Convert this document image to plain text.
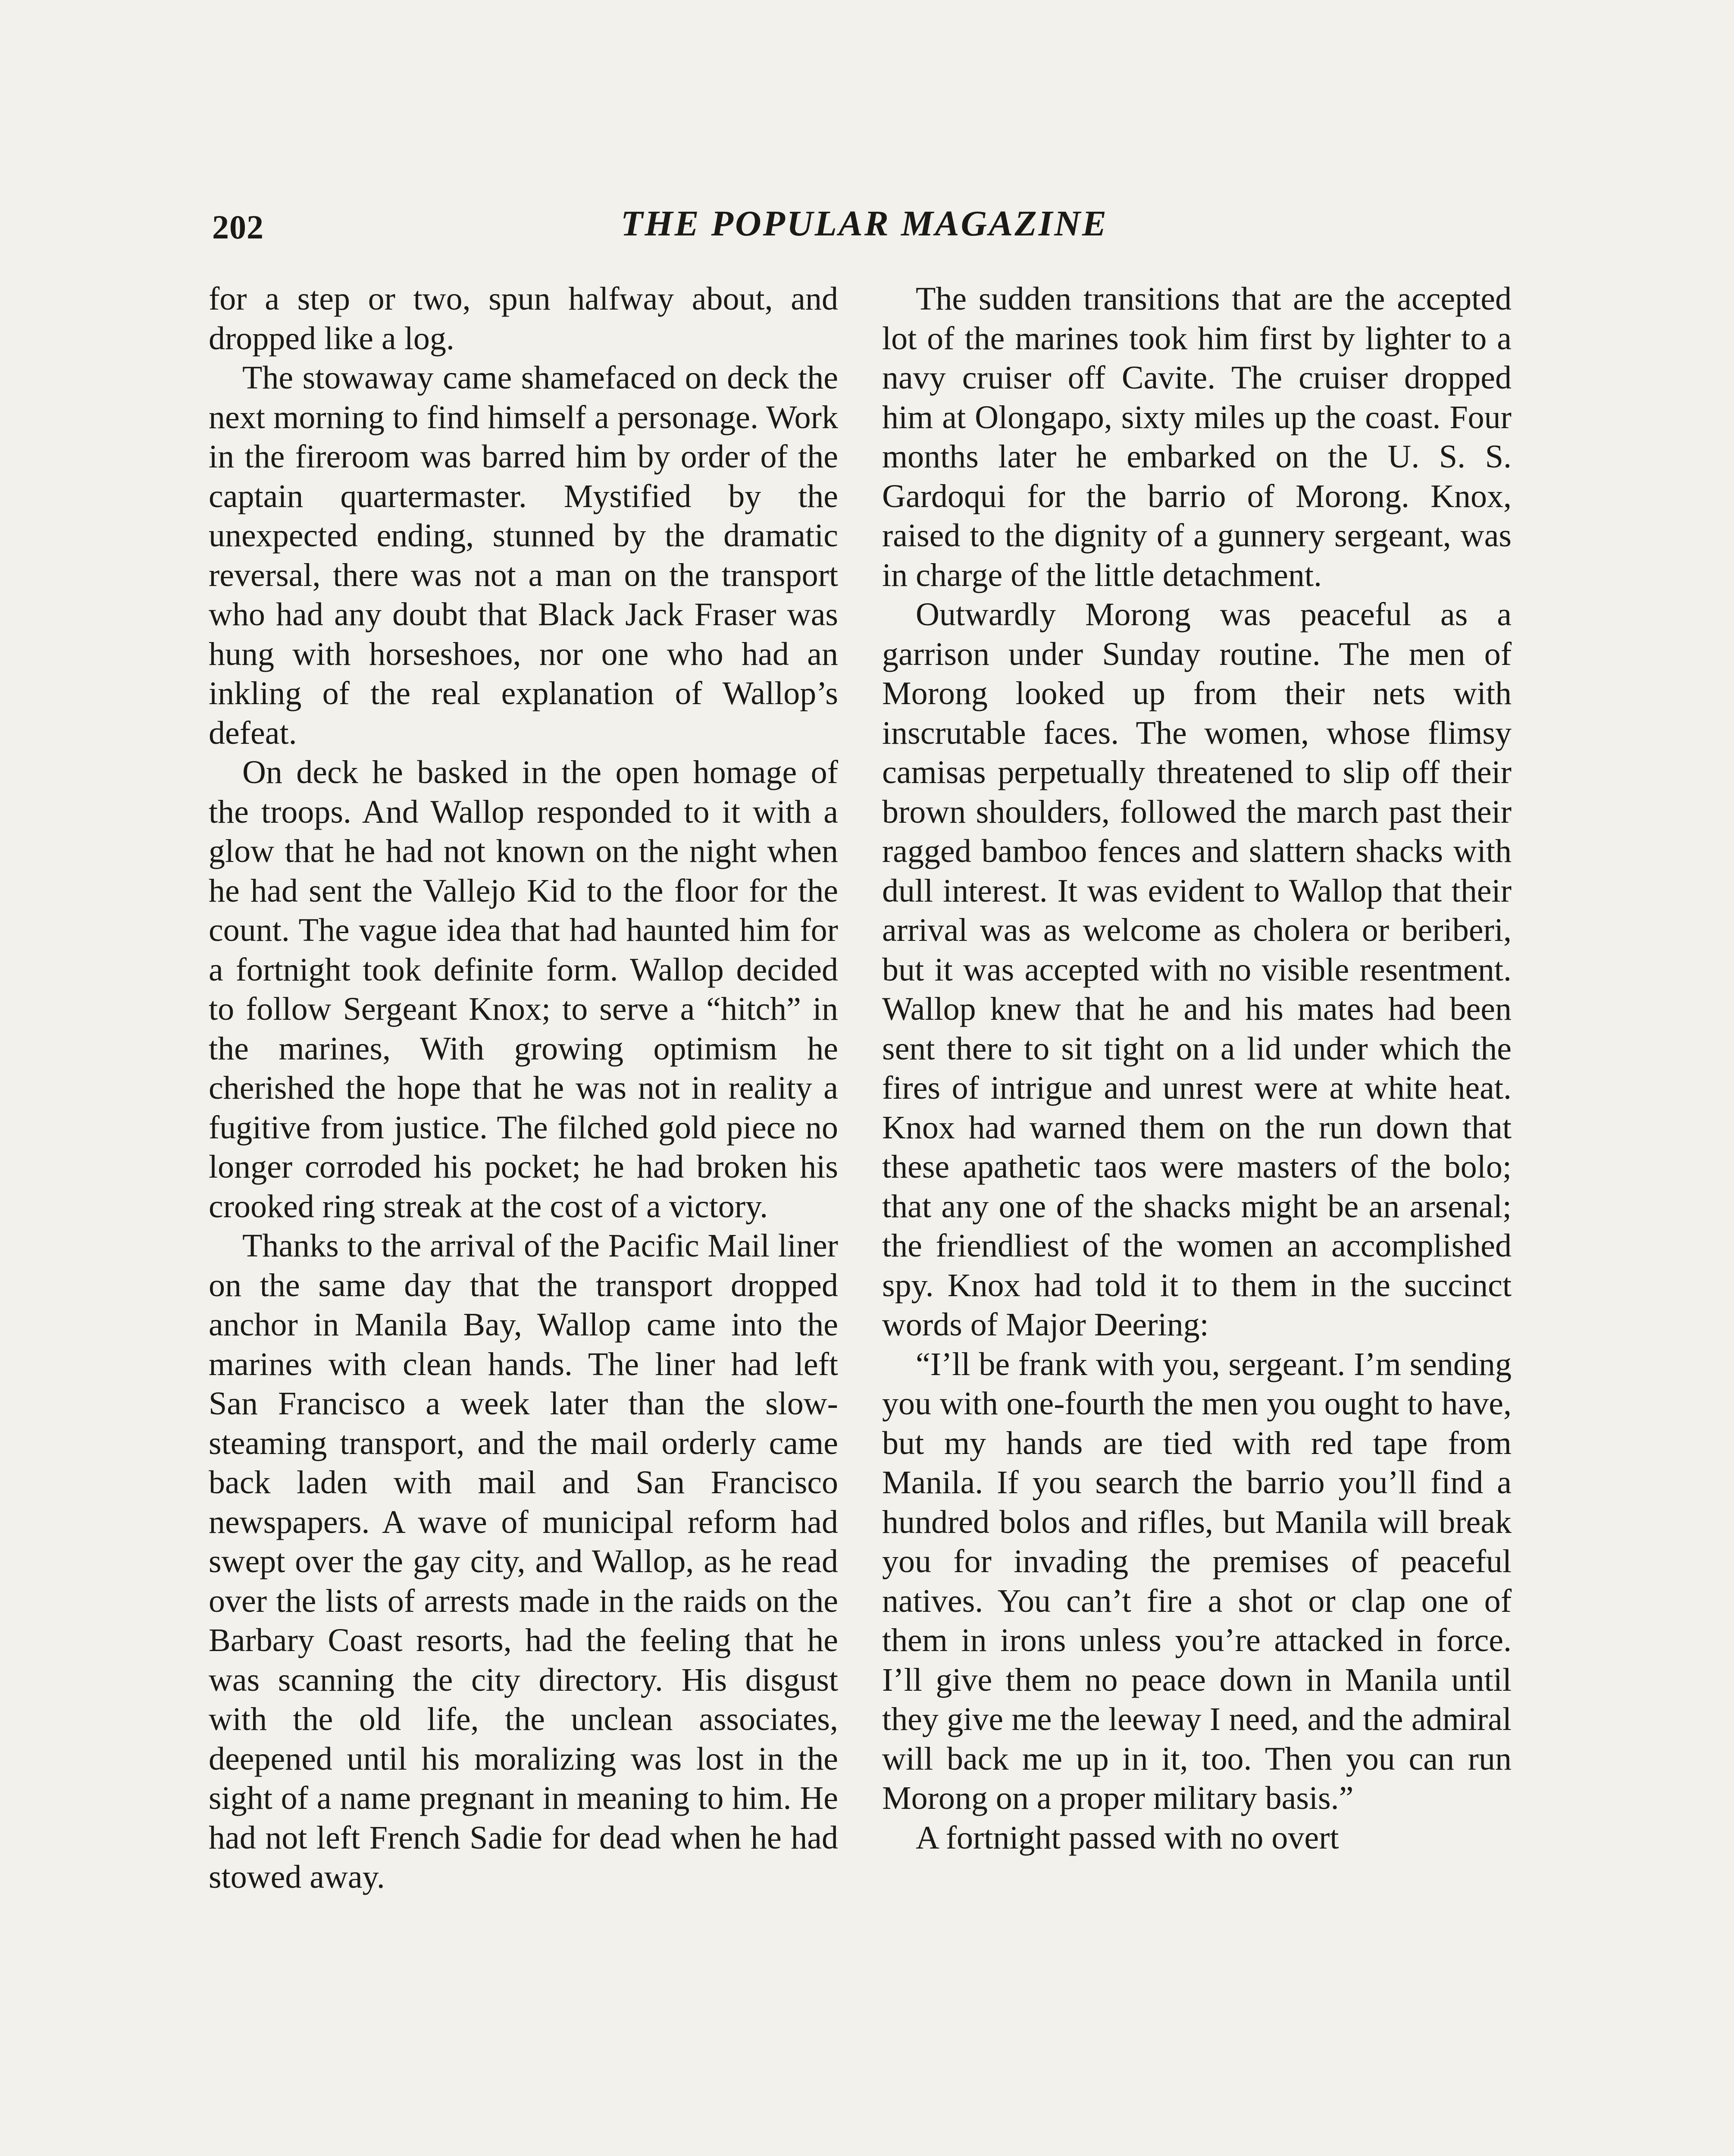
202	THE POPULAR MAGAZINE

for a step or two, spun halfway about, and dropped like a log.

The stowaway came shamefaced on deck the next morning to find himself a personage. Work in the fireroom was barred him by order of the captain quartermaster. Mystified by the unexpected ending, stunned by the dramatic reversal, there was not a man on the transport who had any doubt that Black Jack Fraser was hung with horseshoes, nor one who had an inkling of the real explanation of Wallop’s defeat.

On deck he basked in the open homage of the troops. And Wallop responded to it with a glow that he had not known on the night when he had sent the Vallejo Kid to the floor for the count. The vague idea that had haunted him for a fortnight took definite form. Wallop decided to follow Sergeant Knox; to serve a “hitch” in the marines, With growing optimism he cherished the hope that he was not in reality a fugitive from justice. The filched gold piece no longer corroded his pocket; he had broken his crooked ring streak at the cost of a victory.

Thanks to the arrival of the Pacific Mail liner on the same day that the transport dropped anchor in Manila Bay, Wallop came into the marines with clean hands. The liner had left San Francisco a week later than the slow-steaming transport, and the mail orderly came back laden with mail and San Francisco newspapers. A wave of municipal reform had swept over the gay city, and Wallop, as he read over the lists of arrests made in the raids on the Barbary Coast resorts, had the feeling that he was scanning the city directory. His disgust with the old life, the unclean associates, deepened until his moralizing was lost in the sight of a name pregnant in meaning to him. He had not left French Sadie for dead when he had stowed away.

The sudden transitions that are the accepted lot of the marines took him first by lighter to a navy cruiser off Cavite. The cruiser dropped him at Olongapo, sixty miles up the coast. Four months later he embarked on the U. S. S. Gardoqui for the barrio of Morong. Knox, raised to the dignity of a gunnery sergeant, was in charge of the little detachment.

Outwardly Morong was peaceful as a garrison under Sunday routine. The men of Morong looked up from their nets with inscrutable faces. The women, whose flimsy camisas perpetually threatened to slip off their brown shoulders, followed the march past their ragged bamboo fences and slattern shacks with dull interest. It was evident to Wallop that their arrival was as welcome as cholera or beriberi, but it was accepted with no visible resentment. Wallop knew that he and his mates had been sent there to sit tight on a lid under which the fires of intrigue and unrest were at white heat. Knox had warned them on the run down that these apathetic taos were masters of the bolo; that any one of the shacks might be an arsenal; the friendliest of the women an accomplished spy. Knox had told it to them in the succinct words of Major Deering:

“I’ll be frank with you, sergeant. I’m sending you with one-fourth the men you ought to have, but my hands are tied with red tape from Manila. If you search the barrio you’ll find a hundred bolos and rifles, but Manila will break you for invading the premises of peaceful natives. You can’t fire a shot or clap one of them in irons unless you’re attacked in force. I’ll give them no peace down in Manila until they give me the leeway I need, and the admiral will back me up in it, too. Then you can run Morong on a proper military basis.”

A fortnight passed with no overt
